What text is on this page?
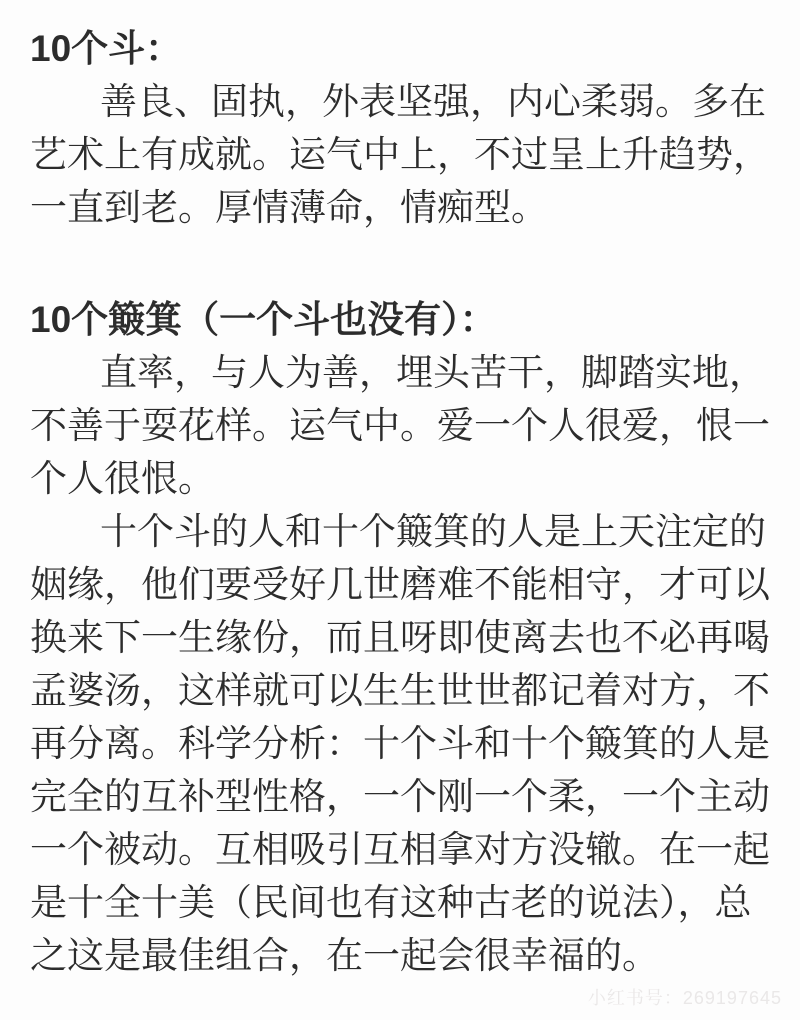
10个斗：

善良、固执，外表坚强，内心柔弱。多在
艺术上有成就。运气中上，不过呈上升趋势，
一直到老。厚情薄命，情痴型。

10个簸箕（一个斗也没有）：

直率，与人为善，埋头苦干，脚踏实地，
不善于耍花样。运气中。爱一个人很爱，恨一
个人很恨。

十个斗的人和十个簸箕的人是上天注定的
姻缘，他们要受好几世磨难不能相守，才可以
换来下一生缘份，而且呀即使离去也不必再喝
孟婆汤，这样就可以生生世世都记着对方，不
再分离。科学分析：十个斗和十个簸箕的人是
完全的互补型性格，一个刚一个柔，一个主动
一个被动。互相吸引互相拿对方没辙。在一起
是十全十美（民间也有这种古老的说法），总
之这是最佳组合，在一起会很幸福的。

小红书号：269197645
